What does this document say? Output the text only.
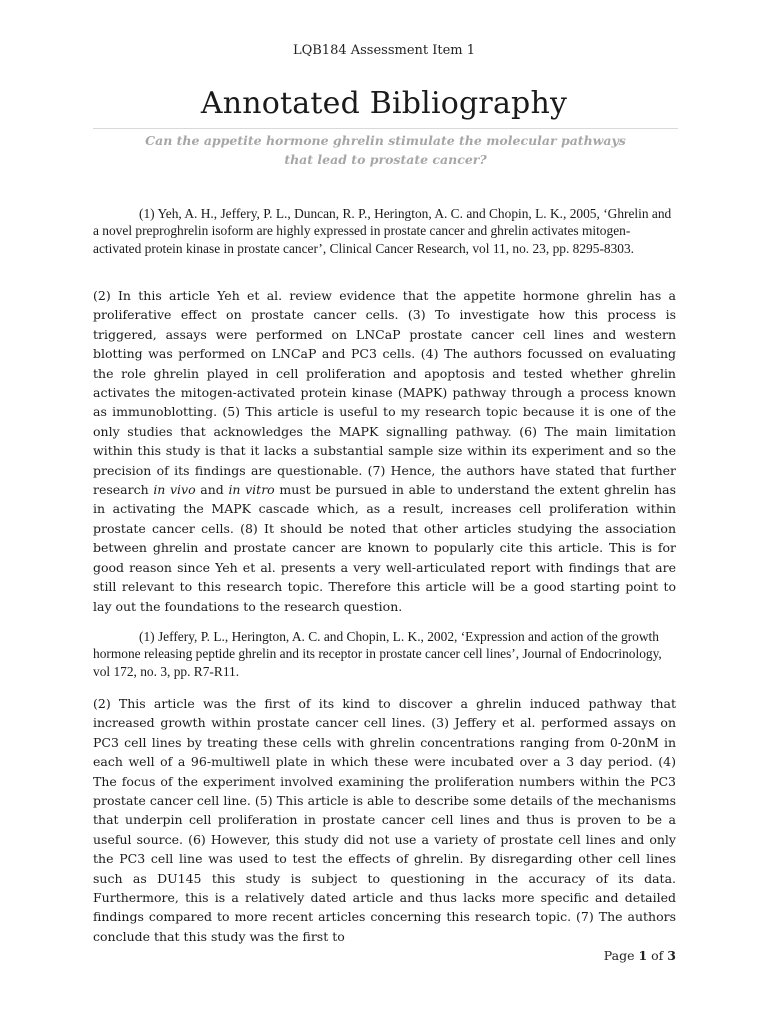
LQB184 Assessment Item 1
Annotated Bibliography
Can the appetite hormone ghrelin stimulate the molecular pathways
that lead to prostate cancer?

(1) Yeh, A. H., Jeffery, P. L., Duncan, R. P., Herington, A. C. and Chopin, L. K., 2005, ‘Ghrelin and a novel preproghrelin isoform are highly expressed in prostate cancer and ghrelin activates mitogen-activated protein kinase in prostate cancer’, Clinical Cancer Research, vol 11, no. 23, pp. 8295-8303.

(2) In this article Yeh et al. review evidence that the appetite hormone ghrelin has a proliferative effect on prostate cancer cells. (3) To investigate how this process is triggered, assays were performed on LNCaP prostate cancer cell lines and western blotting was performed on LNCaP and PC3 cells. (4) The authors focussed on evaluating the role ghrelin played in cell proliferation and apoptosis and tested whether ghrelin activates the mitogen-activated protein kinase (MAPK) pathway through a process known as immunoblotting. (5) This article is useful to my research topic because it is one of the only studies that acknowledges the MAPK signalling pathway. (6) The main limitation within this study is that it lacks a substantial sample size within its experiment and so the precision of its findings are questionable. (7) Hence, the authors have stated that further research in vivo and in vitro must be pursued in able to understand the extent ghrelin has in activating the MAPK cascade which, as a result, increases cell proliferation within prostate cancer cells. (8) It should be noted that other articles studying the association between ghrelin and prostate cancer are known to popularly cite this article. This is for good reason since Yeh et al. presents a very well-articulated report with findings that are still relevant to this research topic. Therefore this article will be a good starting point to lay out the foundations to the research question.

(1) Jeffery, P. L., Herington, A. C. and Chopin, L. K., 2002, ‘Expression and action of the growth hormone releasing peptide ghrelin and its receptor in prostate cancer cell lines’, Journal of Endocrinology, vol 172, no. 3, pp. R7-R11.

(2) This article was the first of its kind to discover a ghrelin induced pathway that increased growth within prostate cancer cell lines. (3) Jeffery et al. performed assays on PC3 cell lines by treating these cells with ghrelin concentrations ranging from 0-20nM in each well of a 96-multiwell plate in which these were incubated over a 3 day period. (4) The focus of the experiment involved examining the proliferation numbers within the PC3 prostate cancer cell line. (5) This article is able to describe some details of the mechanisms that underpin cell proliferation in prostate cancer cell lines and thus is proven to be a useful source. (6) However, this study did not use a variety of prostate cell lines and only the PC3 cell line was used to test the effects of ghrelin. By disregarding other cell lines such as DU145 this study is subject to questioning in the accuracy of its data. Furthermore, this is a relatively dated article and thus lacks more specific and detailed findings compared to more recent articles concerning this research topic. (7) The authors conclude that this study was the first to

Page 1 of 3
